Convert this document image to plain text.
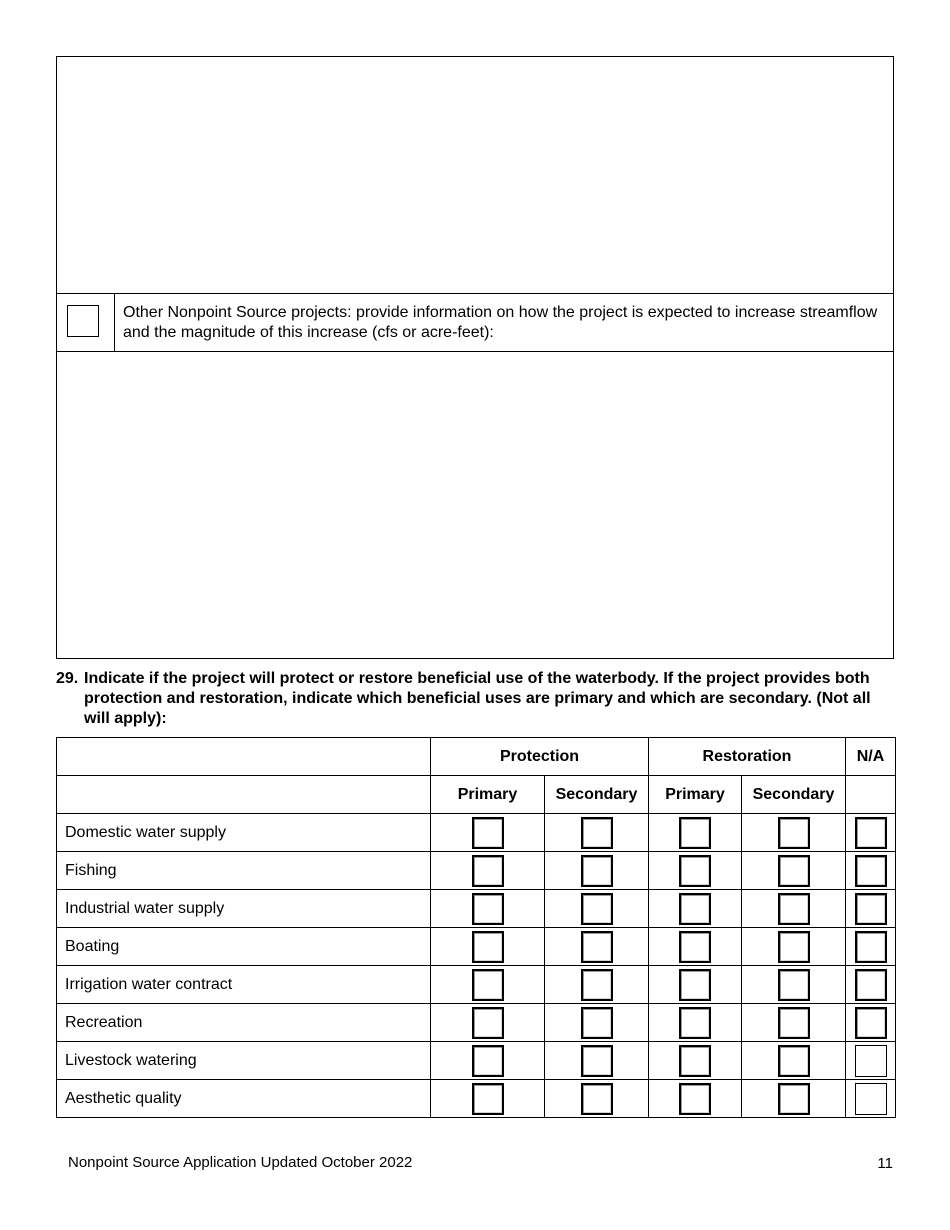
Other Nonpoint Source projects: provide information on how the project is expected to increase streamflow and the magnitude of this increase (cfs or acre-feet):
29. Indicate if the project will protect or restore beneficial use of the waterbody. If the project provides both protection and restoration, indicate which beneficial uses are primary and which are secondary. (Not all will apply):
	Protection		Restoration		N/A
	Primary	Secondary	Primary	Secondary	
Domestic water supply					
Fishing					
Industrial water supply					
Boating					
Irrigation water contract					
Recreation					
Livestock watering					
Aesthetic quality					
Nonpoint Source Application Updated October 2022	11
